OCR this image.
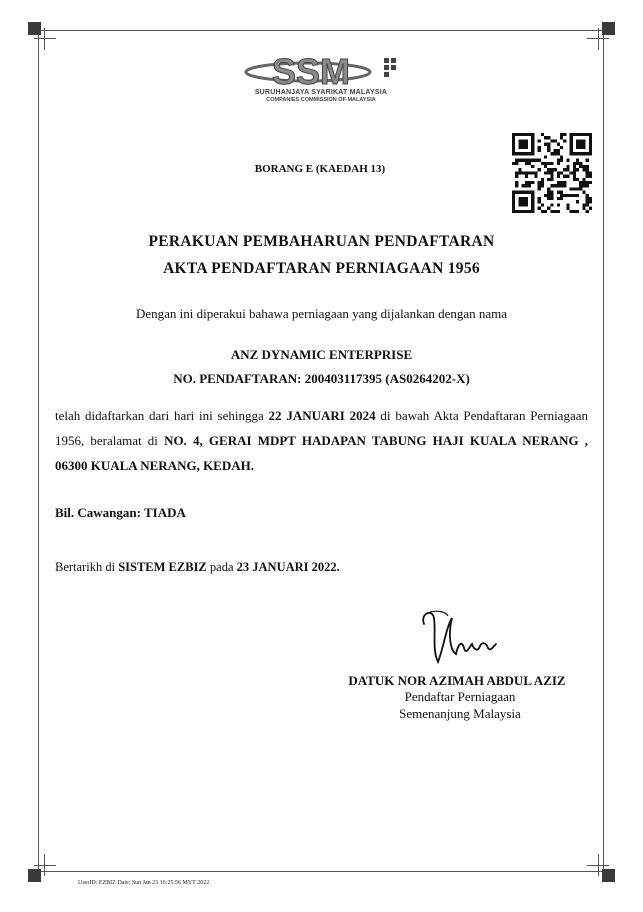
SSM
SURUHANJAYA SYARIKAT MALAYSIA
COMPANIES COMMISSION OF MALAYSIA
BORANG E (KAEDAH 13)
PERAKUAN PEMBAHARUAN PENDAFTARAN
AKTA PENDAFTARAN PERNIAGAAN 1956
Dengan ini diperakui bahawa perniagaan yang dijalankan dengan nama
ANZ DYNAMIC ENTERPRISE
NO. PENDAFTARAN: 200403117395 (AS0264202-X)
telah didaftarkan dari hari ini sehingga 22 JANUARI 2024 di bawah Akta Pendaftaran Perniagaan 1956, beralamat di NO. 4, GERAI MDPT HADAPAN TABUNG HAJI KUALA NERANG , 06300 KUALA NERANG, KEDAH.
Bil. Cawangan: TIADA
Bertarikh di SISTEM EZBIZ pada 23 JANUARI 2022.
DATUK NOR AZIMAH ABDUL AZIZ
Pendaftar Perniagaan
Semenanjung Malaysia
UserID: EZBIZ Date: Sun Jan 23 16:25:56 MYT 2022
